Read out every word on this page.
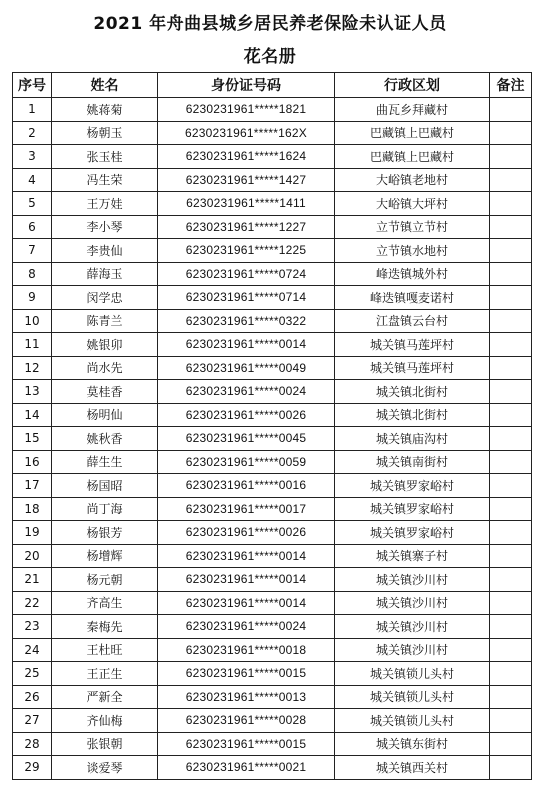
2021 年舟曲县城乡居民养老保险未认证人员
花名册
序号	姓名	身份证号码	行政区划	备注
1	姚蒋菊	6230231961*****1821	曲瓦乡拜藏村	
2	杨朝玉	6230231961*****162X	巴藏镇上巴藏村	
3	张玉桂	6230231961*****1624	巴藏镇上巴藏村	
4	冯生荣	6230231961*****1427	大峪镇老地村	
5	王万娃	6230231961*****1411	大峪镇大坪村	
6	李小琴	6230231961*****1227	立节镇立节村	
7	李贵仙	6230231961*****1225	立节镇水地村	
8	薛海玉	6230231961*****0724	峰迭镇城外村	
9	闵学忠	6230231961*****0714	峰迭镇嘎麦诺村	
10	陈青兰	6230231961*****0322	江盘镇云台村	
11	姚银卯	6230231961*****0014	城关镇马莲坪村	
12	尚水先	6230231961*****0049	城关镇马莲坪村	
13	莫桂香	6230231961*****0024	城关镇北街村	
14	杨明仙	6230231961*****0026	城关镇北街村	
15	姚秋香	6230231961*****0045	城关镇庙沟村	
16	薛生生	6230231961*****0059	城关镇南街村	
17	杨国昭	6230231961*****0016	城关镇罗家峪村	
18	尚丁海	6230231961*****0017	城关镇罗家峪村	
19	杨银芳	6230231961*****0026	城关镇罗家峪村	
20	杨增辉	6230231961*****0014	城关镇寨子村	
21	杨元朝	6230231961*****0014	城关镇沙川村	
22	齐高生	6230231961*****0014	城关镇沙川村	
23	秦梅先	6230231961*****0024	城关镇沙川村	
24	王杜旺	6230231961*****0018	城关镇沙川村	
25	王正生	6230231961*****0015	城关镇锁儿头村	
26	严新全	6230231961*****0013	城关镇锁儿头村	
27	齐仙梅	6230231961*****0028	城关镇锁儿头村	
28	张银朝	6230231961*****0015	城关镇东街村	
29	谈爱琴	6230231961*****0021	城关镇西关村	
